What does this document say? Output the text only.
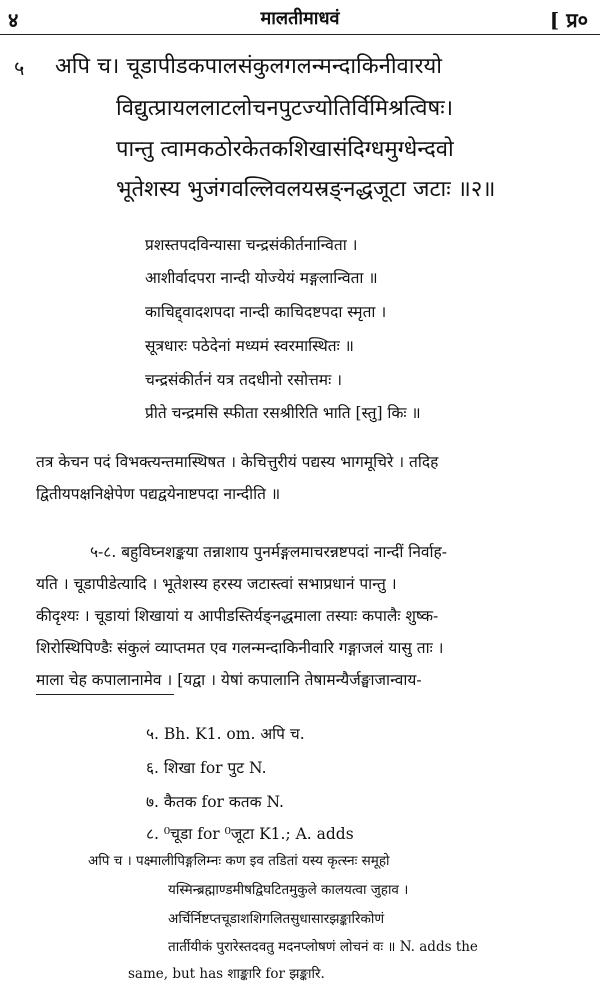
४	मालतीमाधवं	[ प्र०
५ अपि च। चूडापीडकपालसंकुलगलन्मन्दाकिनीवारयो
विद्युत्प्रायललाटलोचनपुटज्योतिर्विमिश्रत्विषः।
पान्तु त्वामकठोरकेतकशिखासंदिग्धमुग्धेन्दवो
भूतेशस्य भुजंगवल्लिवलयस्रङ्नद्धजूटा जटाः ॥२॥
प्रशस्तपदविन्यासा चन्द्रसंकीर्तनान्विता ।
आशीर्वादपरा नान्दी योज्येयं मङ्गलान्विता ॥
काचिद्द्वादशपदा नान्दी काचिदष्टपदा स्मृता ।
सूत्रधारः पठेदेनां मध्यमं स्वरमास्थितः ॥
चन्द्रसंकीर्तनं यत्र तदधीनो रसोत्तमः ।
प्रीते चन्द्रमसि स्फीता रसश्रीरिति भाति [स्तु] किः ॥
तत्र केचन पदं विभक्त्यन्तमास्थिषत । केचित्तुरीयं पद्यस्य भागमूचिरे । तदिह
द्वितीयपक्षनिक्षेपेण पद्यद्वयेनाष्टपदा नान्दीति ॥
५-८. बहुविघ्नशङ्कया तन्नाशाय पुनर्मङ्गलमाचरन्नष्टपदां नान्दीं निर्वाह-
यति । चूडापीडेत्यादि । भूतेशस्य हरस्य जटास्त्वां सभाप्रधानं पान्तु ।
कीदृश्यः । चूडायां शिखायां य आपीडस्तिर्यङ्नद्धमाला तस्याः कपालैः शुष्क-
शिरोस्थिपिण्डैः संकुलं व्याप्तमत एव गलन्मन्दाकिनीवारि गङ्गाजलं यासु ताः ।
माला चेह कपालानामेव । [यद्वा । येषां कपालानि तेषामन्यैर्जङ्घाजान्वाय-
५. Bh. K1. om. अपि च.
६. शिखा for पुट N.
७. कैतक for कतक N.
८. ⁰चूडा for ⁰जूटा K1.; A. adds
अपि च । पक्ष्मालीपिङ्गलिम्नः कण इव तडितां यस्य कृत्स्नः समूहो
यस्मिन्ब्रह्माण्डमीषद्विघटितमुकुले कालयत्वा जुहाव ।
अर्चिर्निष्टप्तचूडाशशिगलितसुधासारझङ्कारिकोणं
तार्तीयीकं पुरारेस्तदवतु मदनप्लोषणं लोचनं वः ॥ N. adds the
same, but has शाङ्कारि for झङ्कारि.
